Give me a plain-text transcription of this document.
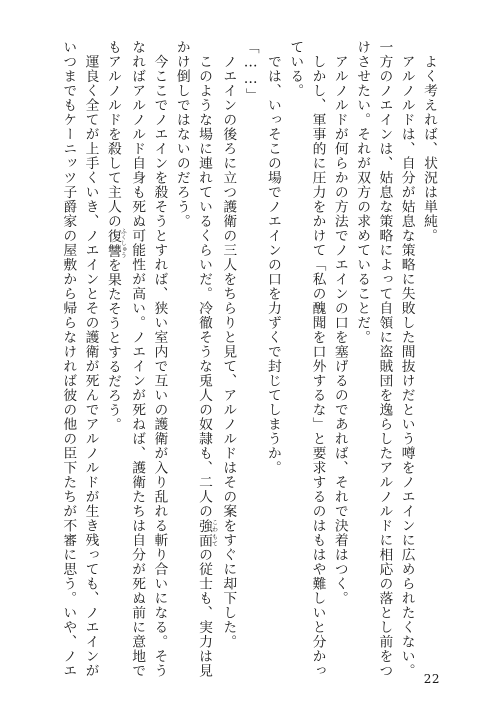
　よく考えれば、状況は単純。
　アルノルドは、自分が姑息な策略に失敗した間抜けだという噂をノエインに広められたくない。
一方のノエインは、姑息な策略によって自領に盗賊団を逸らしたアルノルドに相応の落とし前をつ
けさせたい。それが双方の求めていることだ。
　アルノルドが何らかの方法でノエインの口を塞げるのであれば、それで決着はつく。
　しかし、軍事的に圧力をかけて「私の醜聞を口外するな」と要求するのはもはや難しいと分かっ
ている。
　では、いっそこの場でノエインの口を力ずくで封じてしまうか。
「……」
　ノエインの後ろに立つ護衛の三人をちらりと見て、アルノルドはその案をすぐに却下した。
　このような場に連れているくらいだ。冷徹そうな兎人の奴隷も、二人の強面こわもての従士も、実力は見
かけ倒しではないのだろう。
　今ここでノエインを殺そうとすれば、狭い室内で互いの護衛が入り乱れる斬り合いになる。そう
なればアルノルド自身も死ぬ可能性が高い。ノエインが死ねば、護衛たちは自分が死ぬ前に意地で
もアルノルドを殺して主人の復讐ふくしゅうを果たそうとするだろう。
　運良く全てが上手くいき、ノエインとその護衛が死んでアルノルドが生き残っても、ノエインが
いつまでもケーニッツ子爵家の屋敷から帰らなければ彼の他の臣下たちが不審に思う。いや、ノエ
22
